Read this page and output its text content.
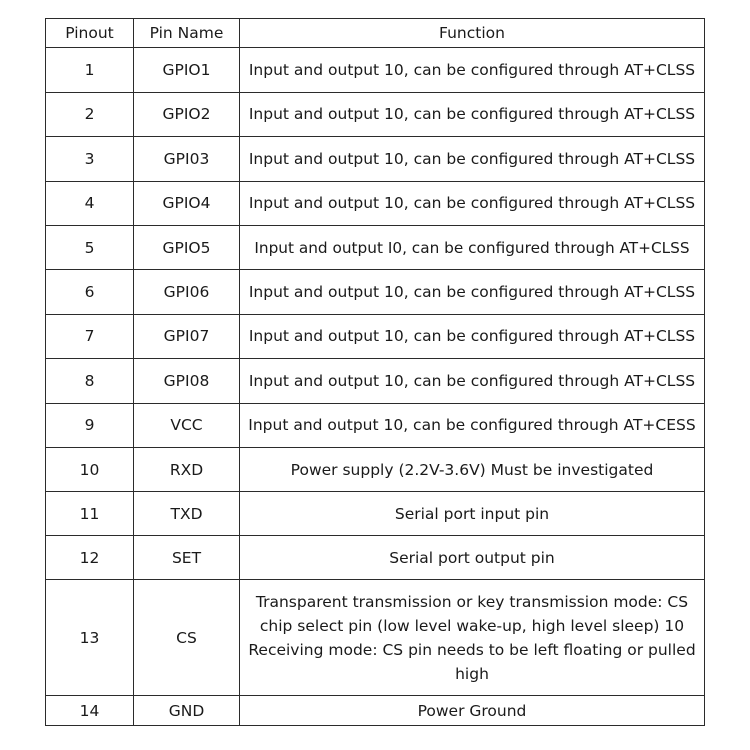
Pinout	Pin Name	Function
1	GPIO1	Input and output 10, can be configured through AT+CLSS
2	GPIO2	Input and output 10, can be configured through AT+CLSS
3	GPI03	Input and output 10, can be configured through AT+CLSS
4	GPIO4	Input and output 10, can be configured through AT+CLSS
5	GPIO5	Input and output I0, can be configured through AT+CLSS
6	GPI06	Input and output 10, can be configured through AT+CLSS
7	GPI07	Input and output 10, can be configured through AT+CLSS
8	GPI08	Input and output 10, can be configured through AT+CLSS
9	VCC	Input and output 10, can be configured through AT+CESS
10	RXD	Power supply (2.2V-3.6V) Must be investigated
11	TXD	Serial port input pin
12	SET	Serial port output pin
13	CS	Transparent transmission or key transmission mode: CS chip select pin (low level wake-up, high level sleep) 10 Receiving mode: CS pin needs to be left floating or pulled high
14	GND	Power Ground
